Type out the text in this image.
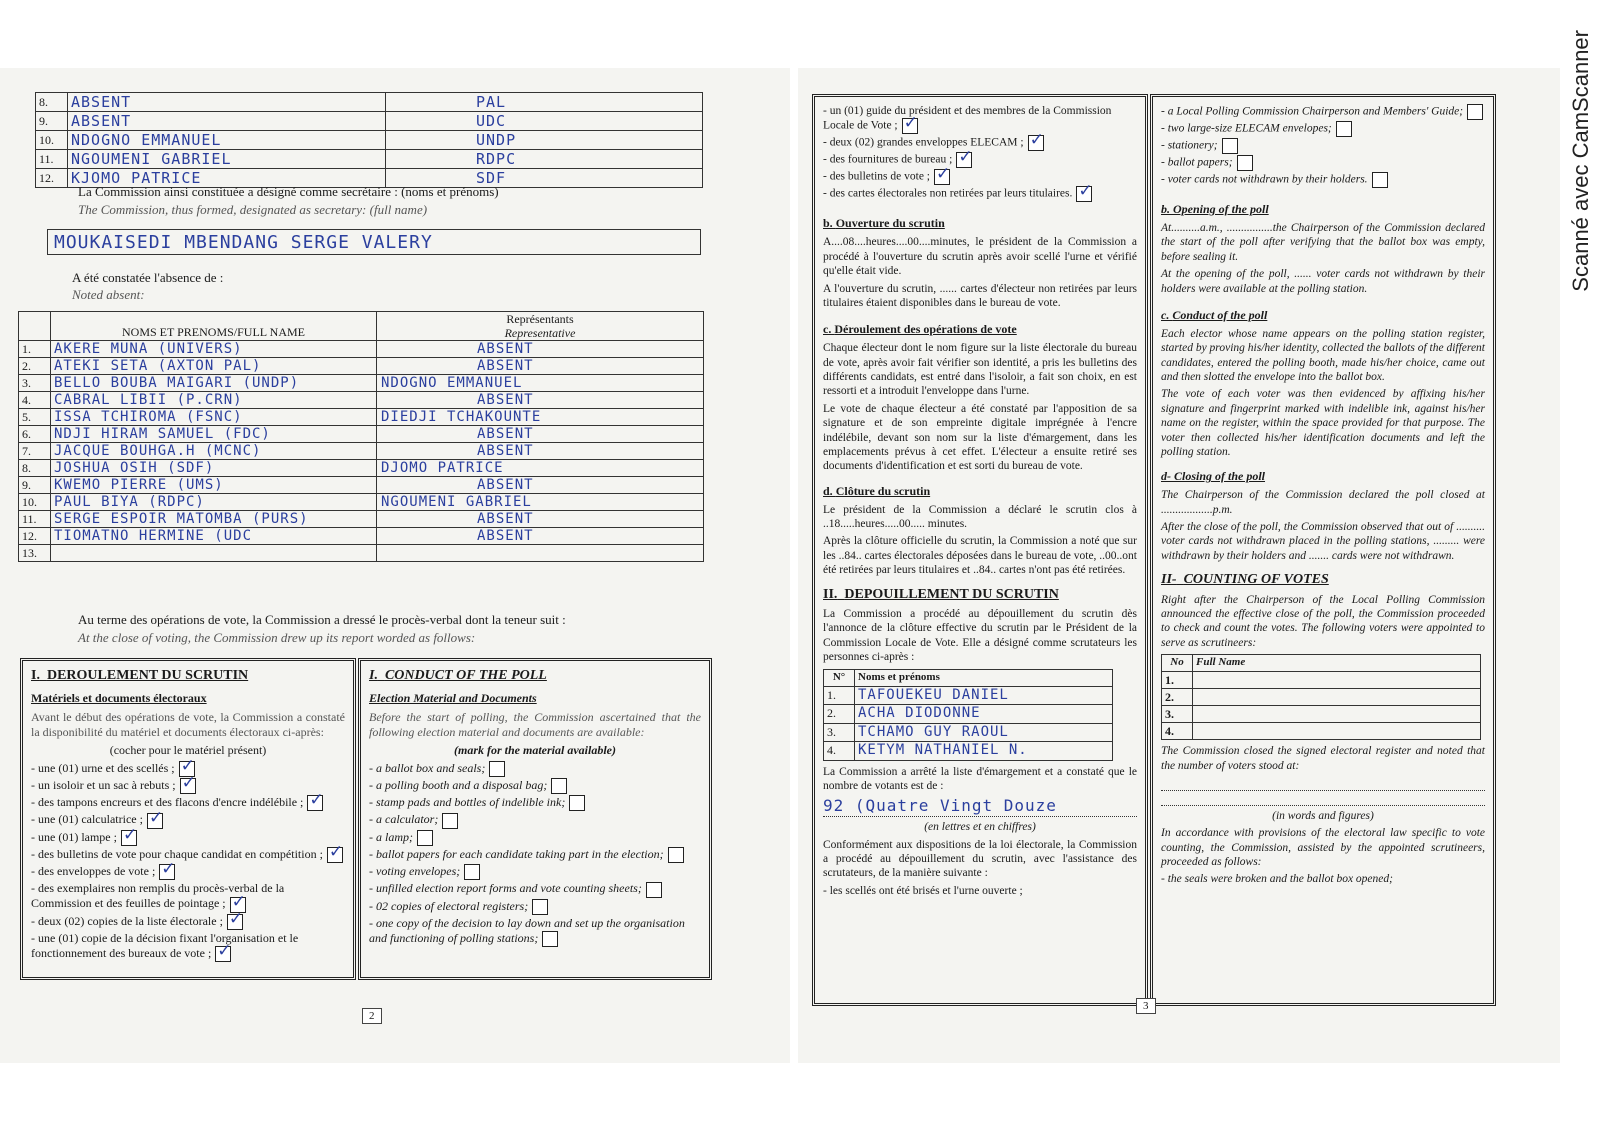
8.	ABSENT	PAL
9.	ABSENT	UDC
10.	NDOGNO EMMANUEL	UNDP
11.	NGOUMENI GABRIEL	RDPC
12.	KJOMO PATRICE	SDF
La Commission ainsi constituée a désigné comme secrétaire : (noms et prénoms)
The Commission, thus formed, designated as secretary: (full name)
MOUKAISEDI MBENDANG SERGE VALERY
A été constatée l'absence de :
Noted absent:
	NOMS ET PRENOMS/FULL NAME	Représentants
Representative

1.	AKERE MUNA (UNIVERS)	ABSENT
2.	ATEKI SETA (AXTON PAL)	ABSENT
3.	BELLO BOUBA MAIGARI (UNDP)	NDOGNO EMMANUEL
4.	CABRAL LIBII (P.CRN)	ABSENT
5.	ISSA TCHIROMA (FSNC)	DIEDJI TCHAKOUNTE
6.	NDJI HIRAM SAMUEL (FDC)	ABSENT
7.	JACQUE BOUHGA.H (MCNC)	ABSENT
8.	JOSHUA OSIH (SDF)	DJOMO PATRICE
9.	KWEMO PIERRE (UMS)	ABSENT
10.	PAUL BIYA (RDPC)	NGOUMENI GABRIEL
11.	SERGE ESPOIR MATOMBA (PURS)	ABSENT
12.	TIOMATNO HERMINE (UDC	ABSENT
13.		
Au terme des opérations de vote, la Commission a dressé le procès-verbal dont la teneur suit :
At the close of voting, the Commission drew up its report worded as follows:
I. DEROULEMENT DU SCRUTIN
Matériels et documents électoraux

Avant le début des opérations de vote, la Commission a constaté la disponibilité du matériel et documents électoraux ci-après:

(cocher pour le matériel présent)

- une (01) urne et des scellés ;✓
- un isoloir et un sac à rebuts ;✓
- des tampons encreurs et des flacons d'encre indélébile ;✓
- une (01) calculatrice ;✓
- une (01) lampe ;✓
- des bulletins de vote pour chaque candidat en compétition ;✓
- des enveloppes de vote ;✓
- des exemplaires non remplis du procès-verbal de la Commission et des feuilles de pointage ;✓
- deux (02) copies de la liste électorale ;✓
- une (01) copie de la décision fixant l'organisation et le fonctionnement des bureaux de vote ;✓
I. CONDUCT OF THE POLL
Election Material and Documents

Before the start of polling, the Commission ascertained that the following election material and documents are available:

(mark for the material available)

- a ballot box and seals;
- a polling booth and a disposal bag;
- stamp pads and bottles of indelible ink;
- a calculator;
- a lamp;
- ballot papers for each candidate taking part in the election;
- voting envelopes;
- unfilled election report forms and vote counting sheets;
- 02 copies of electoral registers;
- one copy of the decision to lay down and set up the organisation and functioning of polling stations;
2
- un (01) guide du président et des membres de la Commission Locale de Vote ;✓
- deux (02) grandes enveloppes ELECAM ;✓
- des fournitures de bureau ;✓
- des bulletins de vote ;✓
- des cartes électorales non retirées par leurs titulaires.✓
b. Ouverture du scrutin

A....08....heures....00....minutes, le président de la Commission a procédé à l'ouverture du scrutin après avoir scellé l'urne et vérifié qu'elle était vide.

A l'ouverture du scrutin, ...... cartes d'électeur non retirées par leurs titulaires étaient disponibles dans le bureau de vote.

c. Déroulement des opérations de vote

Chaque électeur dont le nom figure sur la liste électorale du bureau de vote, après avoir fait vérifier son identité, a pris les bulletins des différents candidats, est entré dans l'isoloir, a fait son choix, en est ressorti et a introduit l'enveloppe dans l'urne.

Le vote de chaque électeur a été constaté par l'apposition de sa signature et de son empreinte digitale imprégnée à l'encre indélébile, devant son nom sur la liste d'émargement, dans les emplacements prévus à cet effet. L'électeur a ensuite retiré ses documents d'identification et est sorti du bureau de vote.

d. Clôture du scrutin

Le président de la Commission a déclaré le scrutin clos à ..18.....heures.....00..... minutes.

Après la clôture officielle du scrutin, la Commission a noté que sur les ..84.. cartes électorales déposées dans le bureau de vote, ..00..ont été retirées par leurs titulaires et ..84.. cartes n'ont pas été retirées.

II. DEPOUILLEMENT DU SCRUTIN

La Commission a procédé au dépouillement du scrutin dès l'annonce de la clôture effective du scrutin par le Président de la Commission Locale de Vote. Elle a désigné comme scrutateurs les personnes ci-après :

N°	Noms et prénoms
1.	TAFOUEKEU DANIEL
2.	ACHA DIODONNE
3.	TCHAMO GUY RAOUL
4.	KETYM NATHANIEL N.

La Commission a arrêté la liste d'émargement et a constaté que le nombre de votants est de :

92 (Quatre Vingt Douze

(en lettres et en chiffres)

Conformément aux dispositions de la loi électorale, la Commission a procédé au dépouillement du scrutin, avec l'assistance des scrutateurs, de la manière suivante :

- les scellés ont été brisés et l'urne ouverte ;

- a Local Polling Commission Chairperson and Members' Guide;
- two large-size ELECAM envelopes;
- stationery;
- ballot papers;
- voter cards not withdrawn by their holders.
b. Opening of the poll

At..........a.m., ................the Chairperson of the Commission declared the start of the poll after verifying that the ballot box was empty, before sealing it.

At the opening of the poll, ...... voter cards not withdrawn by their holders were available at the polling station.

c. Conduct of the poll

Each elector whose name appears on the polling station register, started by proving his/her identity, collected the ballots of the different candidates, entered the polling booth, made his/her choice, came out and then slotted the envelope into the ballot box.

The vote of each voter was then evidenced by affixing his/her signature and fingerprint marked with indelible ink, against his/her name on the register, within the space provided for that purpose. The voter then collected his/her identification documents and left the polling station.

d- Closing of the poll

The Chairperson of the Commission declared the poll closed at ..................p.m.

After the close of the poll, the Commission observed that out of .......... voter cards not withdrawn placed in the polling stations, ......... were withdrawn by their holders and ....... cards were not withdrawn.

II- COUNTING OF VOTES

Right after the Chairperson of the Local Polling Commission announced the effective close of the poll, the Commission proceeded to check and count the votes. The following voters were appointed to serve as scrutineers:

No	Full Name
1.	
2.	
3.	
4.	

The Commission closed the signed electoral register and noted that the number of voters stood at:

(in words and figures)

In accordance with provisions of the electoral law specific to vote counting, the Commission, assisted by the appointed scrutineers, proceeded as follows:

- the seals were broken and the ballot box opened;

3
Scanné avec CamScanner
